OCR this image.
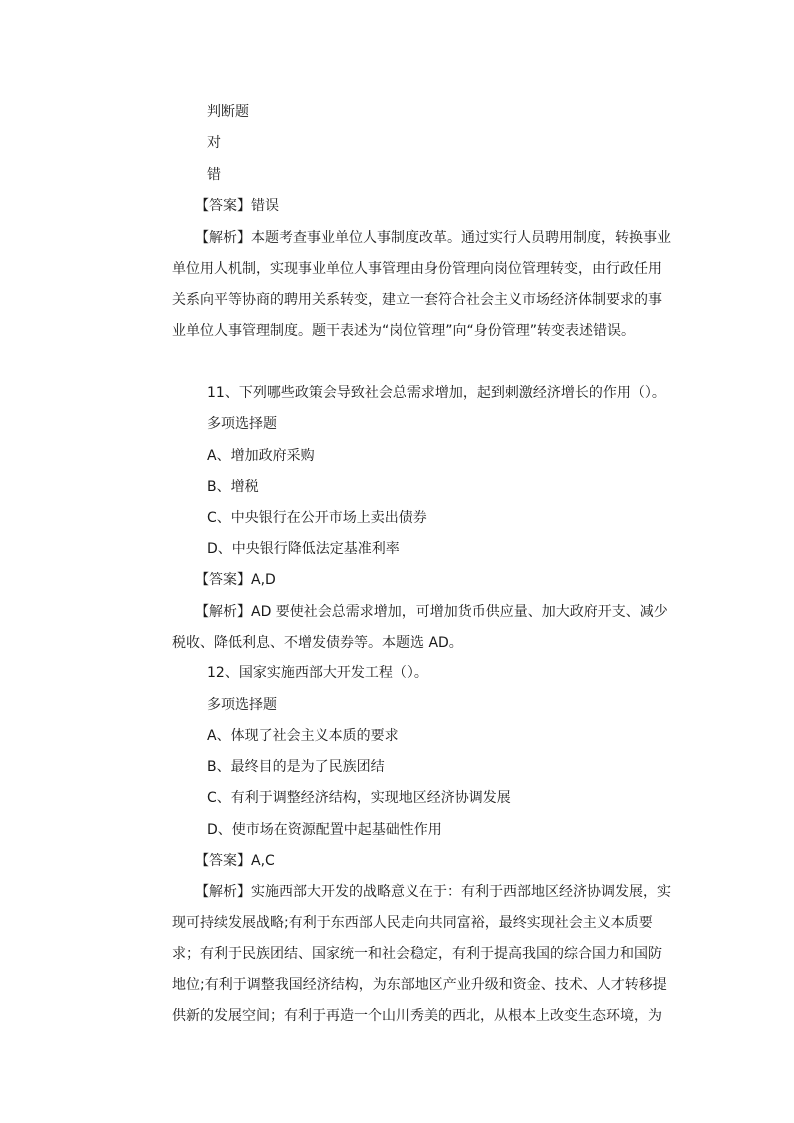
判断题
对
错
【答案】错误
【解析】本题考查事业单位人事制度改革。通过实行人员聘用制度，转换事业单位用人机制，实现事业单位人事管理由身份管理向岗位管理转变，由行政任用关系向平等协商的聘用关系转变，建立一套符合社会主义市场经济体制要求的事业单位人事管理制度。题干表述为“岗位管理”向“身份管理”转变表述错误。
11、下列哪些政策会导致社会总需求增加，起到刺激经济增长的作用（）。
多项选择题
A、增加政府采购
B、增税
C、中央银行在公开市场上卖出债券
D、中央银行降低法定基准利率
【答案】A,D
【解析】AD 要使社会总需求增加，可增加货币供应量、加大政府开支、减少税收、降低利息、不增发债券等。本题选 AD。
12、国家实施西部大开发工程（）。
多项选择题
A、体现了社会主义本质的要求
B、最终目的是为了民族团结
C、有利于调整经济结构，实现地区经济协调发展
D、使市场在资源配置中起基础性作用
【答案】A,C
【解析】实施西部大开发的战略意义在于：有利于西部地区经济协调发展，实现可持续发展战略;有利于东西部人民走向共同富裕，最终实现社会主义本质要求；有利于民族团结、国家统一和社会稳定，有利于提高我国的综合国力和国防地位;有利于调整我国经济结构，为东部地区产业升级和资金、技术、人才转移提供新的发展空间；有利于再造一个山川秀美的西北，从根本上改变生态环境，为
